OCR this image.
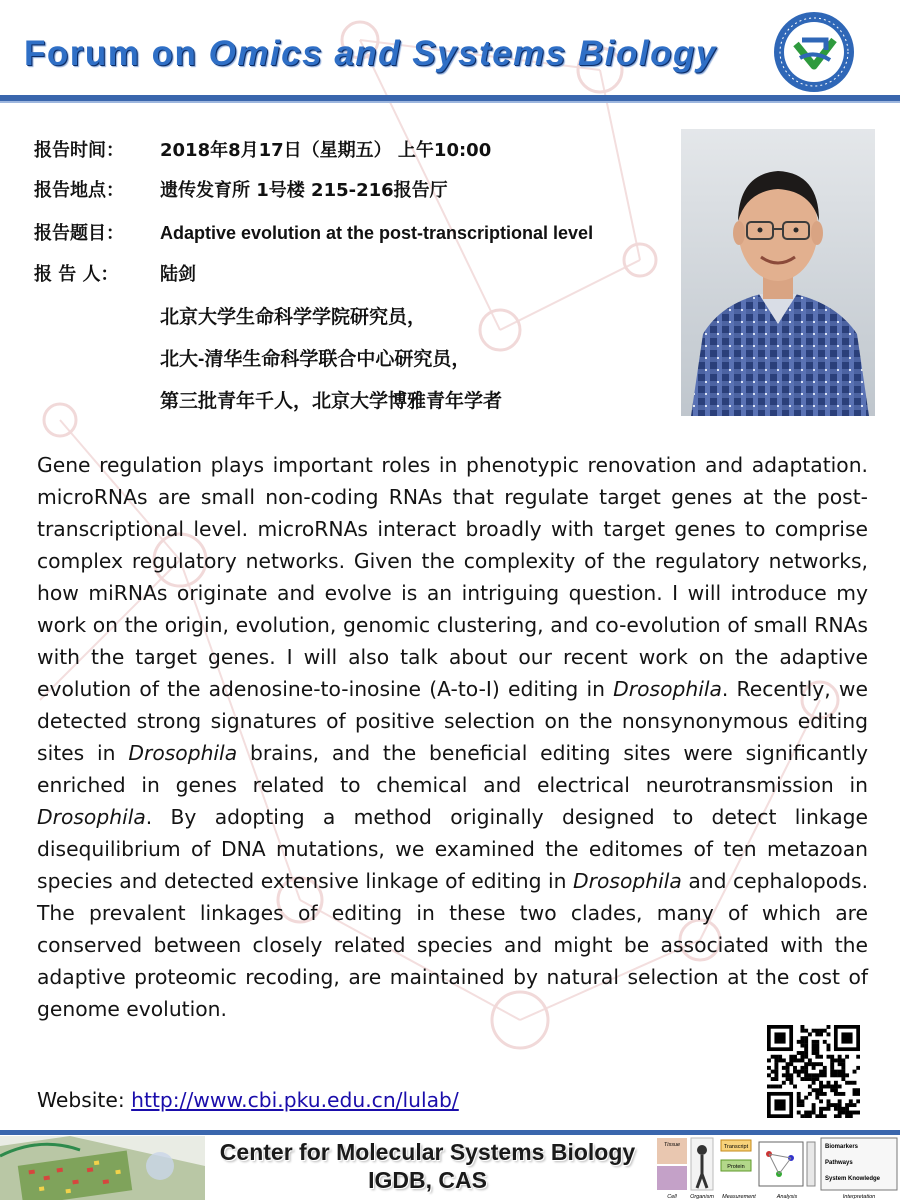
Forum on Omics and Systems Biology
报告时间： 2018年8月17日（星期五） 上午10:00
报告地点： 遗传发育所 1号楼 215-216报告厅
报告题目： Adaptive evolution at the post-transcriptional level
报 告 人： 陆剑
北京大学生命科学学院研究员，
北大-清华生命科学联合中心研究员，
第三批青年千人，北京大学博雅青年学者

Gene regulation plays important roles in phenotypic renovation and adaptation. microRNAs are small non-coding RNAs that regulate target genes at the post-transcriptional level. microRNAs interact broadly with target genes to comprise complex regulatory networks. Given the complexity of the regulatory networks, how miRNAs originate and evolve is an intriguing question. I will introduce my work on the origin, evolution, genomic clustering, and co-evolution of small RNAs with the target genes. I will also talk about our recent work on the adaptive evolution of the adenosine-to-inosine (A-to-I) editing in Drosophila. Recently, we detected strong signatures of positive selection on the nonsynonymous editing sites in Drosophila brains, and the beneficial editing sites were significantly enriched in genes related to chemical and electrical neurotransmission in Drosophila. By adopting a method originally designed to detect linkage disequilibrium of DNA mutations, we examined the editomes of ten metazoan species and detected extensive linkage of editing in Drosophila and cephalopods. The prevalent linkages of editing in these two clades, many of which are conserved between closely related species and might be associated with the adaptive proteomic recoding, are maintained by natural selection at the cost of genome evolution.

Website: http://www.cbi.pku.edu.cn/lulab/
Center for Molecular Systems Biology
IGDB, CAS
Transcript
Protein
Biomarkers
Pathways
System Knowledge
Cell Organism
Tissue
Measurement	Analysis	Interpretation
